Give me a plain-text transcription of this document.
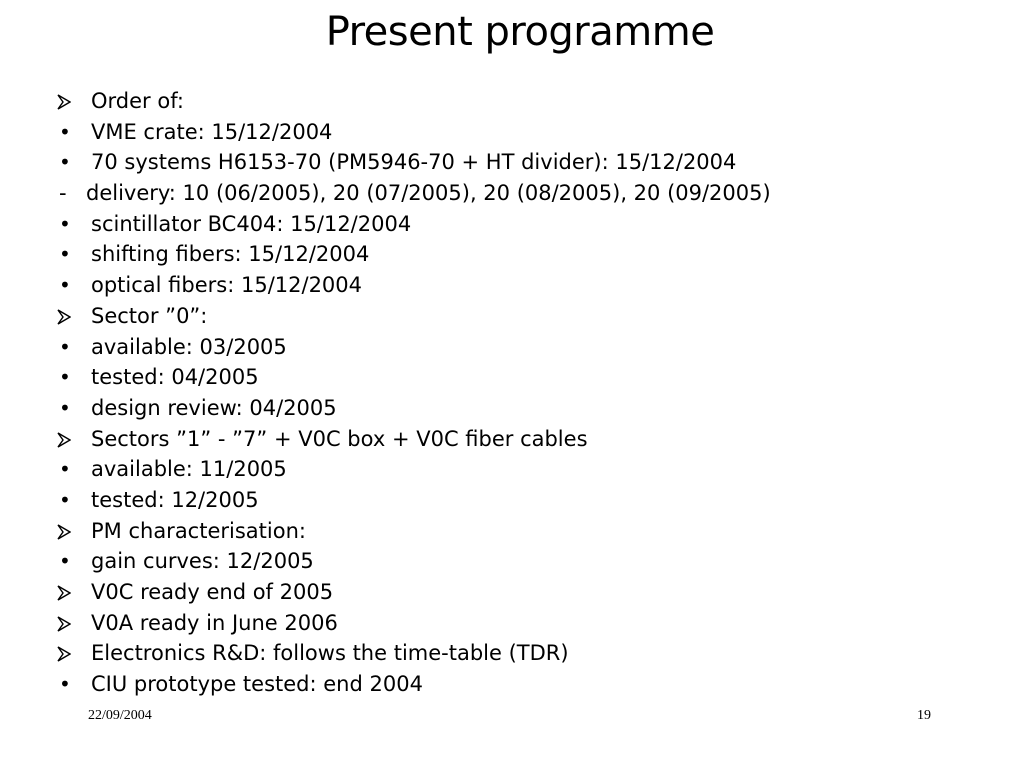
Present programme
Order of:
• VME crate: 15/12/2004
• 70 systems H6153-70 (PM5946-70 + HT divider): 15/12/2004
- delivery: 10 (06/2005), 20 (07/2005), 20 (08/2005), 20 (09/2005)
• scintillator BC404: 15/12/2004
• shifting fibers: 15/12/2004
• optical fibers: 15/12/2004
Sector ”0”:
• available: 03/2005
• tested: 04/2005
• design review: 04/2005
Sectors ”1” - ”7” + V0C box + V0C fiber cables
• available: 11/2005
• tested: 12/2005
PM characterisation:
• gain curves: 12/2005
V0C ready end of 2005
V0A ready in June 2006
Electronics R&D: follows the time-table (TDR)
• CIU prototype tested: end 2004
22/09/2004	19
